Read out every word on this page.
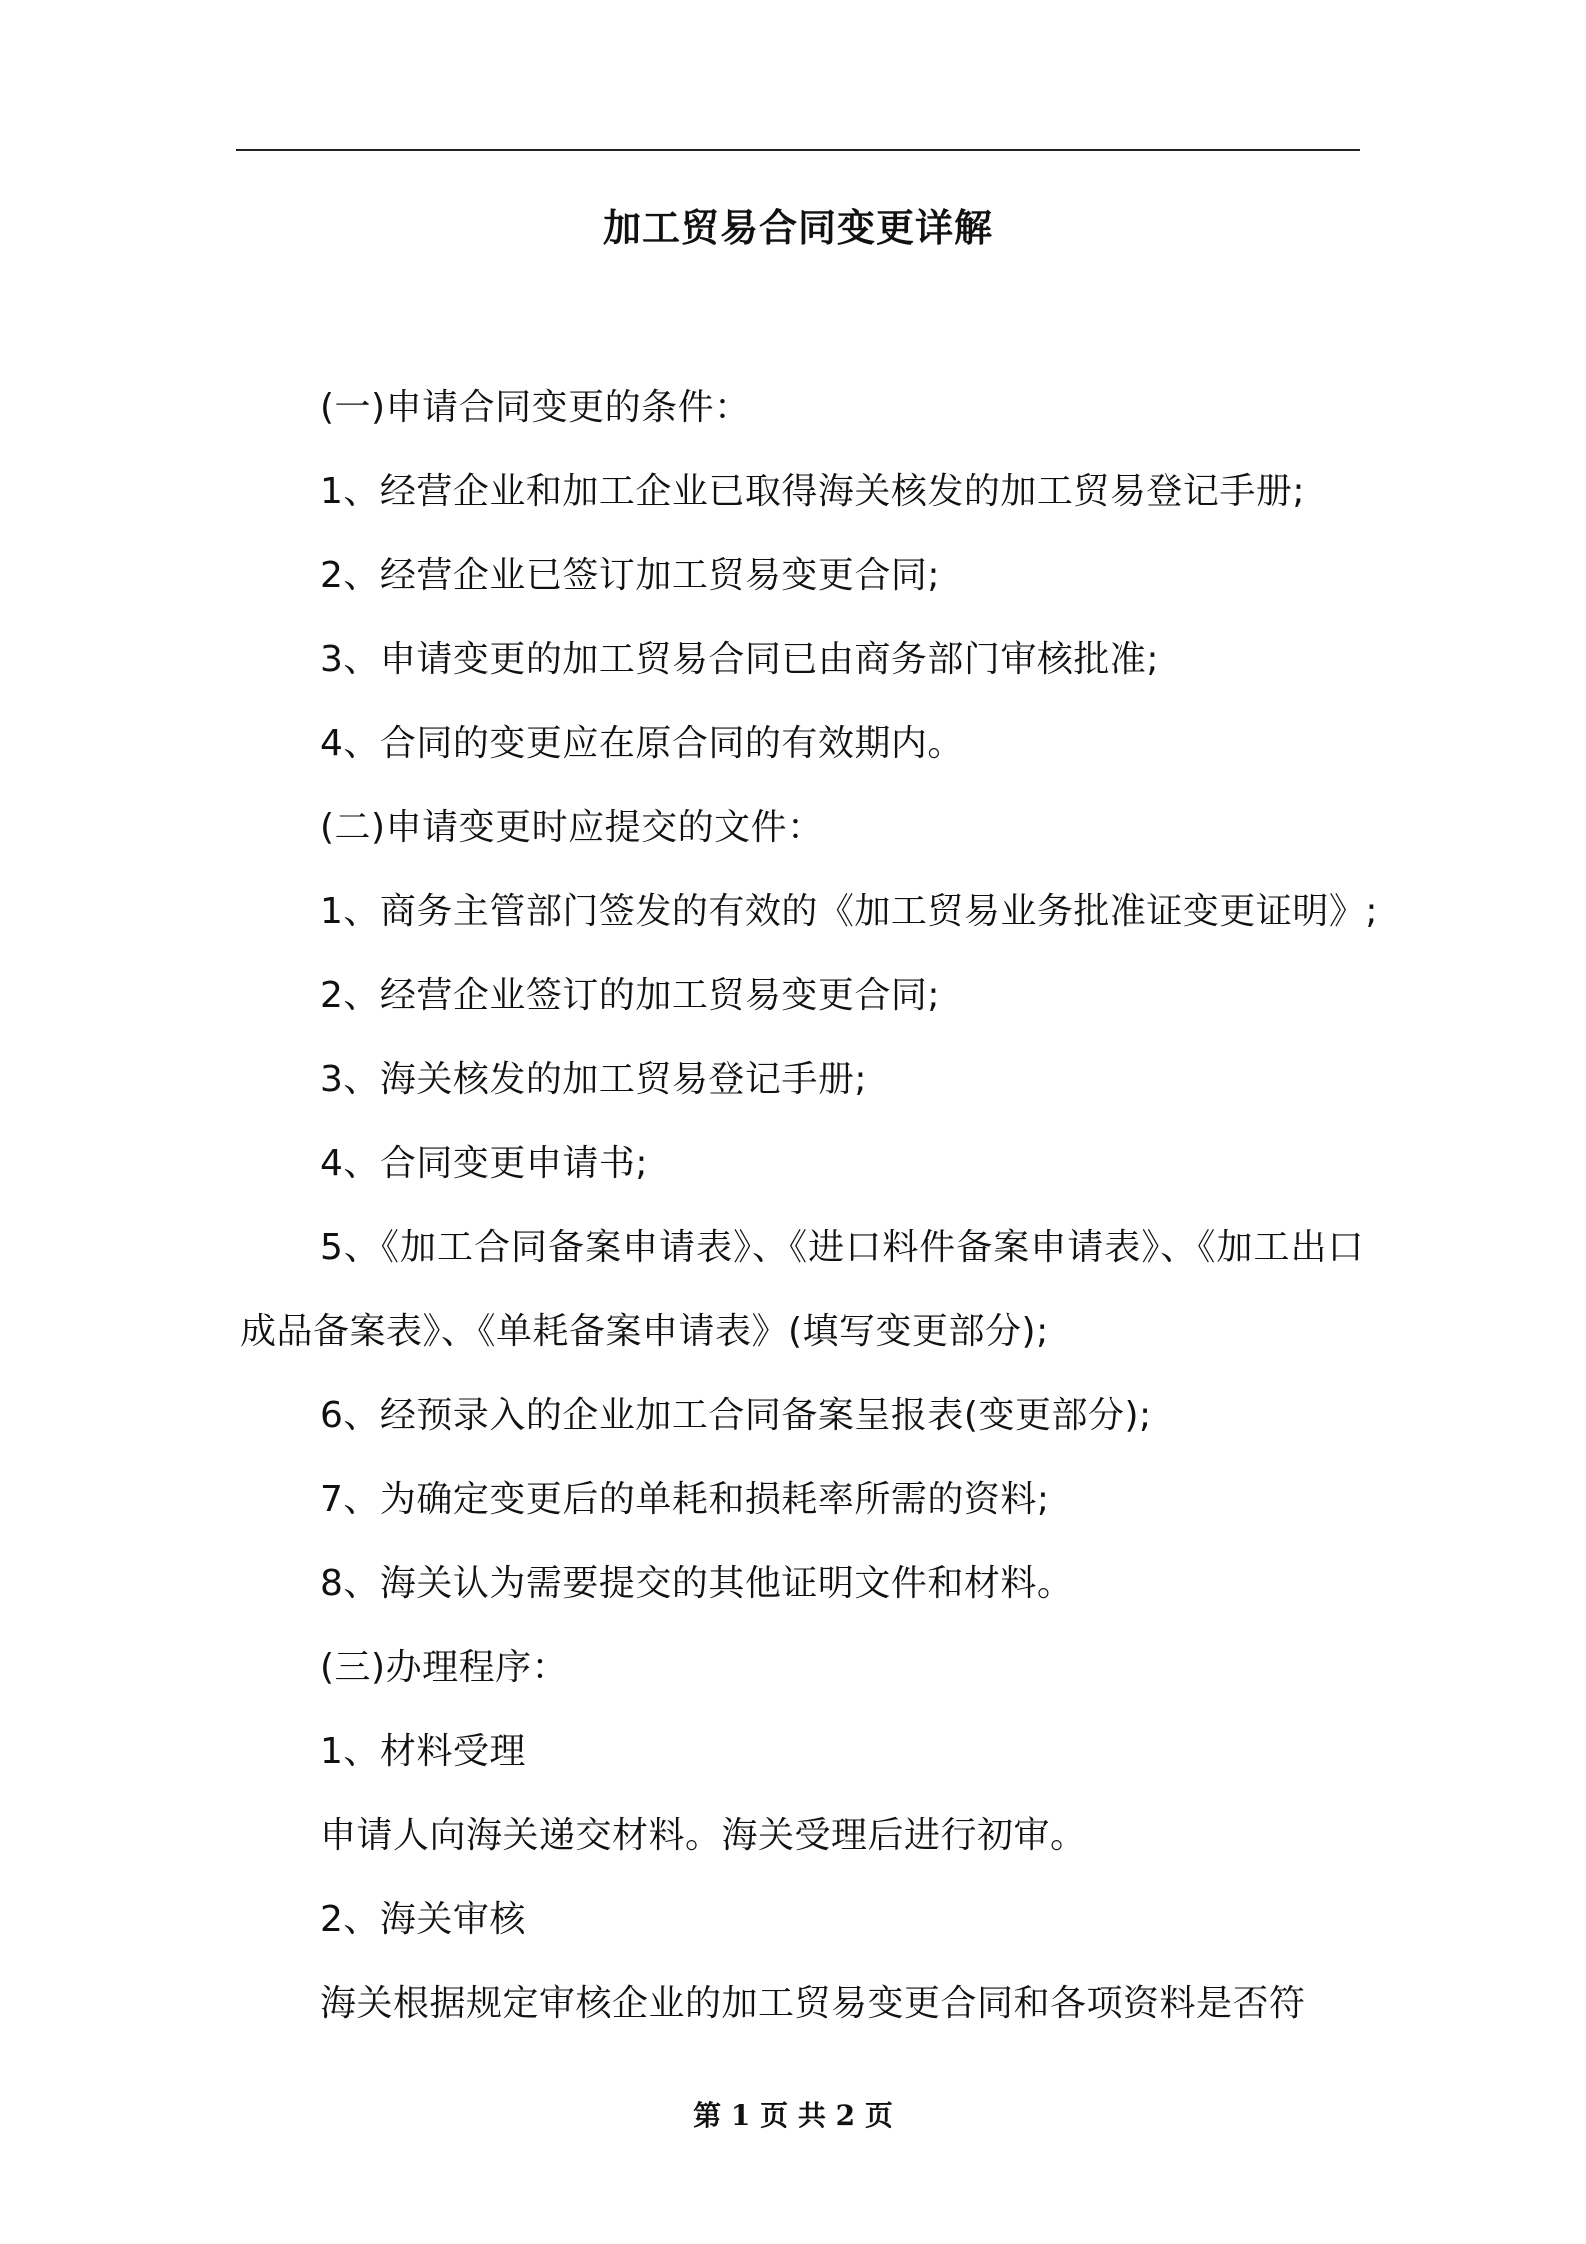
加工贸易合同变更详解

(一)申请合同变更的条件：

1、经营企业和加工企业已取得海关核发的加工贸易登记手册;

2、经营企业已签订加工贸易变更合同;

3、申请变更的加工贸易合同已由商务部门审核批准;

4、合同的变更应在原合同的有效期内。

(二)申请变更时应提交的文件：

1、商务主管部门签发的有效的《加工贸易业务批准证变更证明》;

2、经营企业签订的加工贸易变更合同;

3、海关核发的加工贸易登记手册;

4、合同变更申请书;

5、《加工合同备案申请表》、《进口料件备案申请表》、《加工出口成品备案表》、《单耗备案申请表》(填写变更部分);

6、经预录入的企业加工合同备案呈报表(变更部分);

7、为确定变更后的单耗和损耗率所需的资料;

8、海关认为需要提交的其他证明文件和材料。

(三)办理程序：

1、材料受理

申请人向海关递交材料。海关受理后进行初审。

2、海关审核

海关根据规定审核企业的加工贸易变更合同和各项资料是否符

第 1 页 共 2 页
